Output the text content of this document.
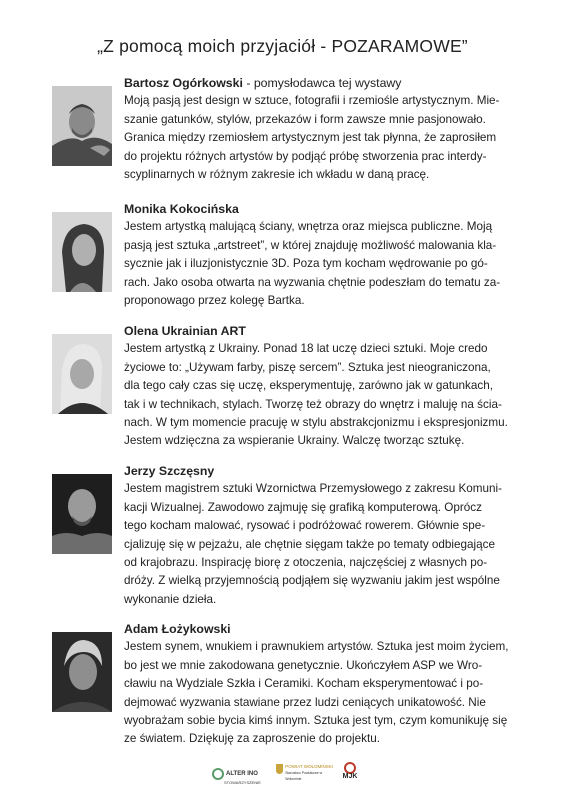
„Z pomocą moich przyjaciół - POZARAMOWE”
Bartosz Ogórkowski - pomysłodawca tej wystawy
Moją pasją jest design w sztuce, fotografii i rzemiośle artystycznym. Mie-
szanie gatunków, stylów, przekazów i form zawsze mnie pasjonowało.
Granica między rzemiosłem artystycznym jest tak płynna, że zaprosiłem
do projektu różnych artystów by podjąć próbę stworzenia prac interdy-
scyplinarnych w różnym zakresie ich wkładu w daną pracę.
Monika Kokocińska
Jestem artystką malującą ściany, wnętrza oraz miejsca publiczne. Moją
pasją jest sztuka „artstreet”, w której znajduję możliwość malowania kla-
sycznie jak i iluzjonistycznie 3D. Poza tym kocham wędrowanie po gó-
rach. Jako osoba otwarta na wyzwania chętnie podeszłam do tematu za-
proponowago przez kolegę Bartka.
Olena Ukrainian ART
Jestem artystką z Ukrainy. Ponad 18 lat uczę dzieci sztuki. Moje credo
życiowe to: „Używam farby, piszę sercem”. Sztuka jest nieograniczona,
dla tego cały czas się uczę, eksperymentuję, zarówno jak w gatunkach,
tak i w technikach, stylach. Tworzę też obrazy do wnętrz i maluję na ścia-
nach. W tym momencie pracuję w stylu abstrakcjonizmu i ekspresjonizmu.
Jestem wdzięczna za wspieranie Ukrainy. Walczę tworząc sztukę.
Jerzy Szczęsny
Jestem magistrem sztuki Wzornictwa Przemysłowego z zakresu Komuni-
kacji Wizualnej. Zawodowo zajmuję się grafiką komputerową. Oprócz
tego kocham malować, rysować i podróżować rowerem. Głównie spe-
cjalizuję się w pejzażu, ale chętnie sięgam także po tematy odbiegające
od krajobrazu. Inspirację biorę z otoczenia, najczęściej z własnych po-
dróży. Z wielką przyjemnością podjąłem się wyzwaniu jakim jest wspólne
wykonanie dzieła.
Adam Łożykowski
Jestem synem, wnukiem i prawnukiem artystów. Sztuka jest moim życiem,
bo jest we mnie zakodowana genetycznie. Ukończyłem ASP we Wro-
cławiu na Wydziale Szkła i Ceramiki. Kocham eksperymentować i po-
dejmować wyzwania stawiane przez ludzi ceniących unikatowość. Nie
wyobrażam sobie bycia kimś innym. Sztuka jest tym, czym komunikuję się
ze światem. Dziękuję za zaproszenie do projektu.
ALTER INO
STOWARZYSZENIE
POWIAT WOŁOMIŃSKI
Starostwo Powiatowe w Wołominie	MJK
